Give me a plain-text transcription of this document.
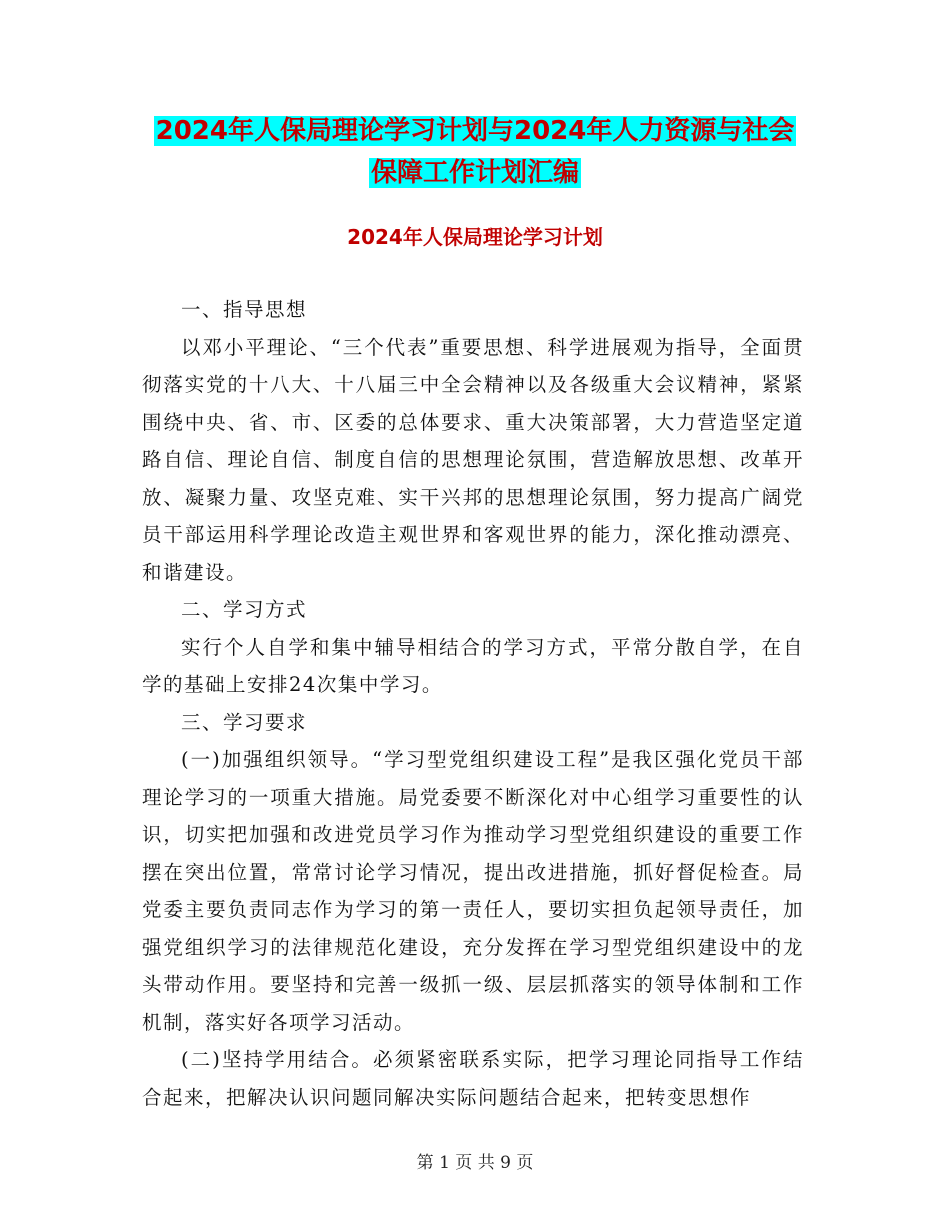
2024年人保局理论学习计划与2024年人力资源与社会
保障工作计划汇编
2024年人保局理论学习计划

一、指导思想

以邓小平理论、“三个代表”重要思想、科学进展观为指导，全面贯彻落实党的十八大、十八届三中全会精神以及各级重大会议精神，紧紧围绕中央、省、市、区委的总体要求、重大决策部署，大力营造坚定道路自信、理论自信、制度自信的思想理论氛围，营造解放思想、改革开放、凝聚力量、攻坚克难、实干兴邦的思想理论氛围，努力提高广阔党员干部运用科学理论改造主观世界和客观世界的能力，深化推动漂亮、和谐建设。

二、学习方式

实行个人自学和集中辅导相结合的学习方式，平常分散自学，在自学的基础上安排24次集中学习。

三、学习要求

(一)加强组织领导。“学习型党组织建设工程”是我区强化党员干部理论学习的一项重大措施。局党委要不断深化对中心组学习重要性的认识，切实把加强和改进党员学习作为推动学习型党组织建设的重要工作摆在突出位置，常常讨论学习情况，提出改进措施，抓好督促检查。局党委主要负责同志作为学习的第一责任人，要切实担负起领导责任，加强党组织学习的法律规范化建设，充分发挥在学习型党组织建设中的龙头带动作用。要坚持和完善一级抓一级、层层抓落实的领导体制和工作机制，落实好各项学习活动。

(二)坚持学用结合。必须紧密联系实际，把学习理论同指导工作结合起来，把解决认识问题同解决实际问题结合起来，把转变思想作

第 1 页 共 9 页
